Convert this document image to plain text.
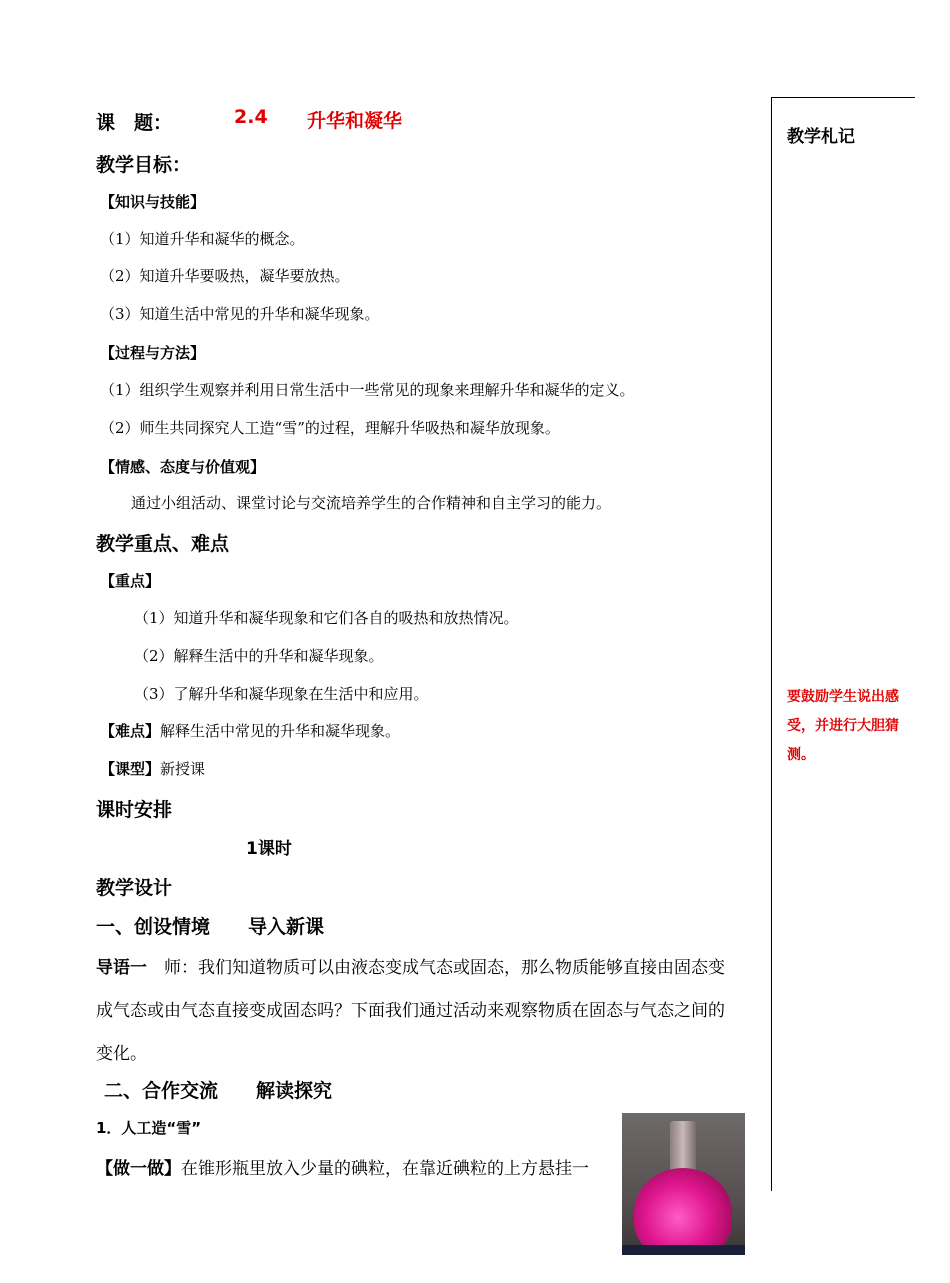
课　题：	2.4 升华和凝华
教学目标：
【知识与技能】
（1）知道升华和凝华的概念。
（2）知道升华要吸热，凝华要放热。
（3）知道生活中常见的升华和凝华现象。
【过程与方法】
（1）组织学生观察并利用日常生活中一些常见的现象来理解升华和凝华的定义。
（2）师生共同探究人工造“雪”的过程，理解升华吸热和凝华放现象。
【情感、态度与价值观】
通过小组活动、课堂讨论与交流培养学生的合作精神和自主学习的能力。
教学重点、难点
【重点】
（1）知道升华和凝华现象和它们各自的吸热和放热情况。
（2）解释生活中的升华和凝华现象。
（3）了解升华和凝华现象在生活中和应用。
【难点】解释生活中常见的升华和凝华现象。
【课型】新授课
课时安排
1课时
教学设计
一、创设情境　　导入新课
导语一　师：我们知道物质可以由液态变成气态或固态，那么物质能够直接由固态变
成气态或由气态直接变成固态吗？下面我们通过活动来观察物质在固态与气态之间的
变化。
二、合作交流　　解读探究
1．人工造“雪”
【做一做】在锥形瓶里放入少量的碘粒，在靠近碘粒的上方悬挂一
教学札记
要鼓励学生说出感
受，并进行大胆猜
测。
